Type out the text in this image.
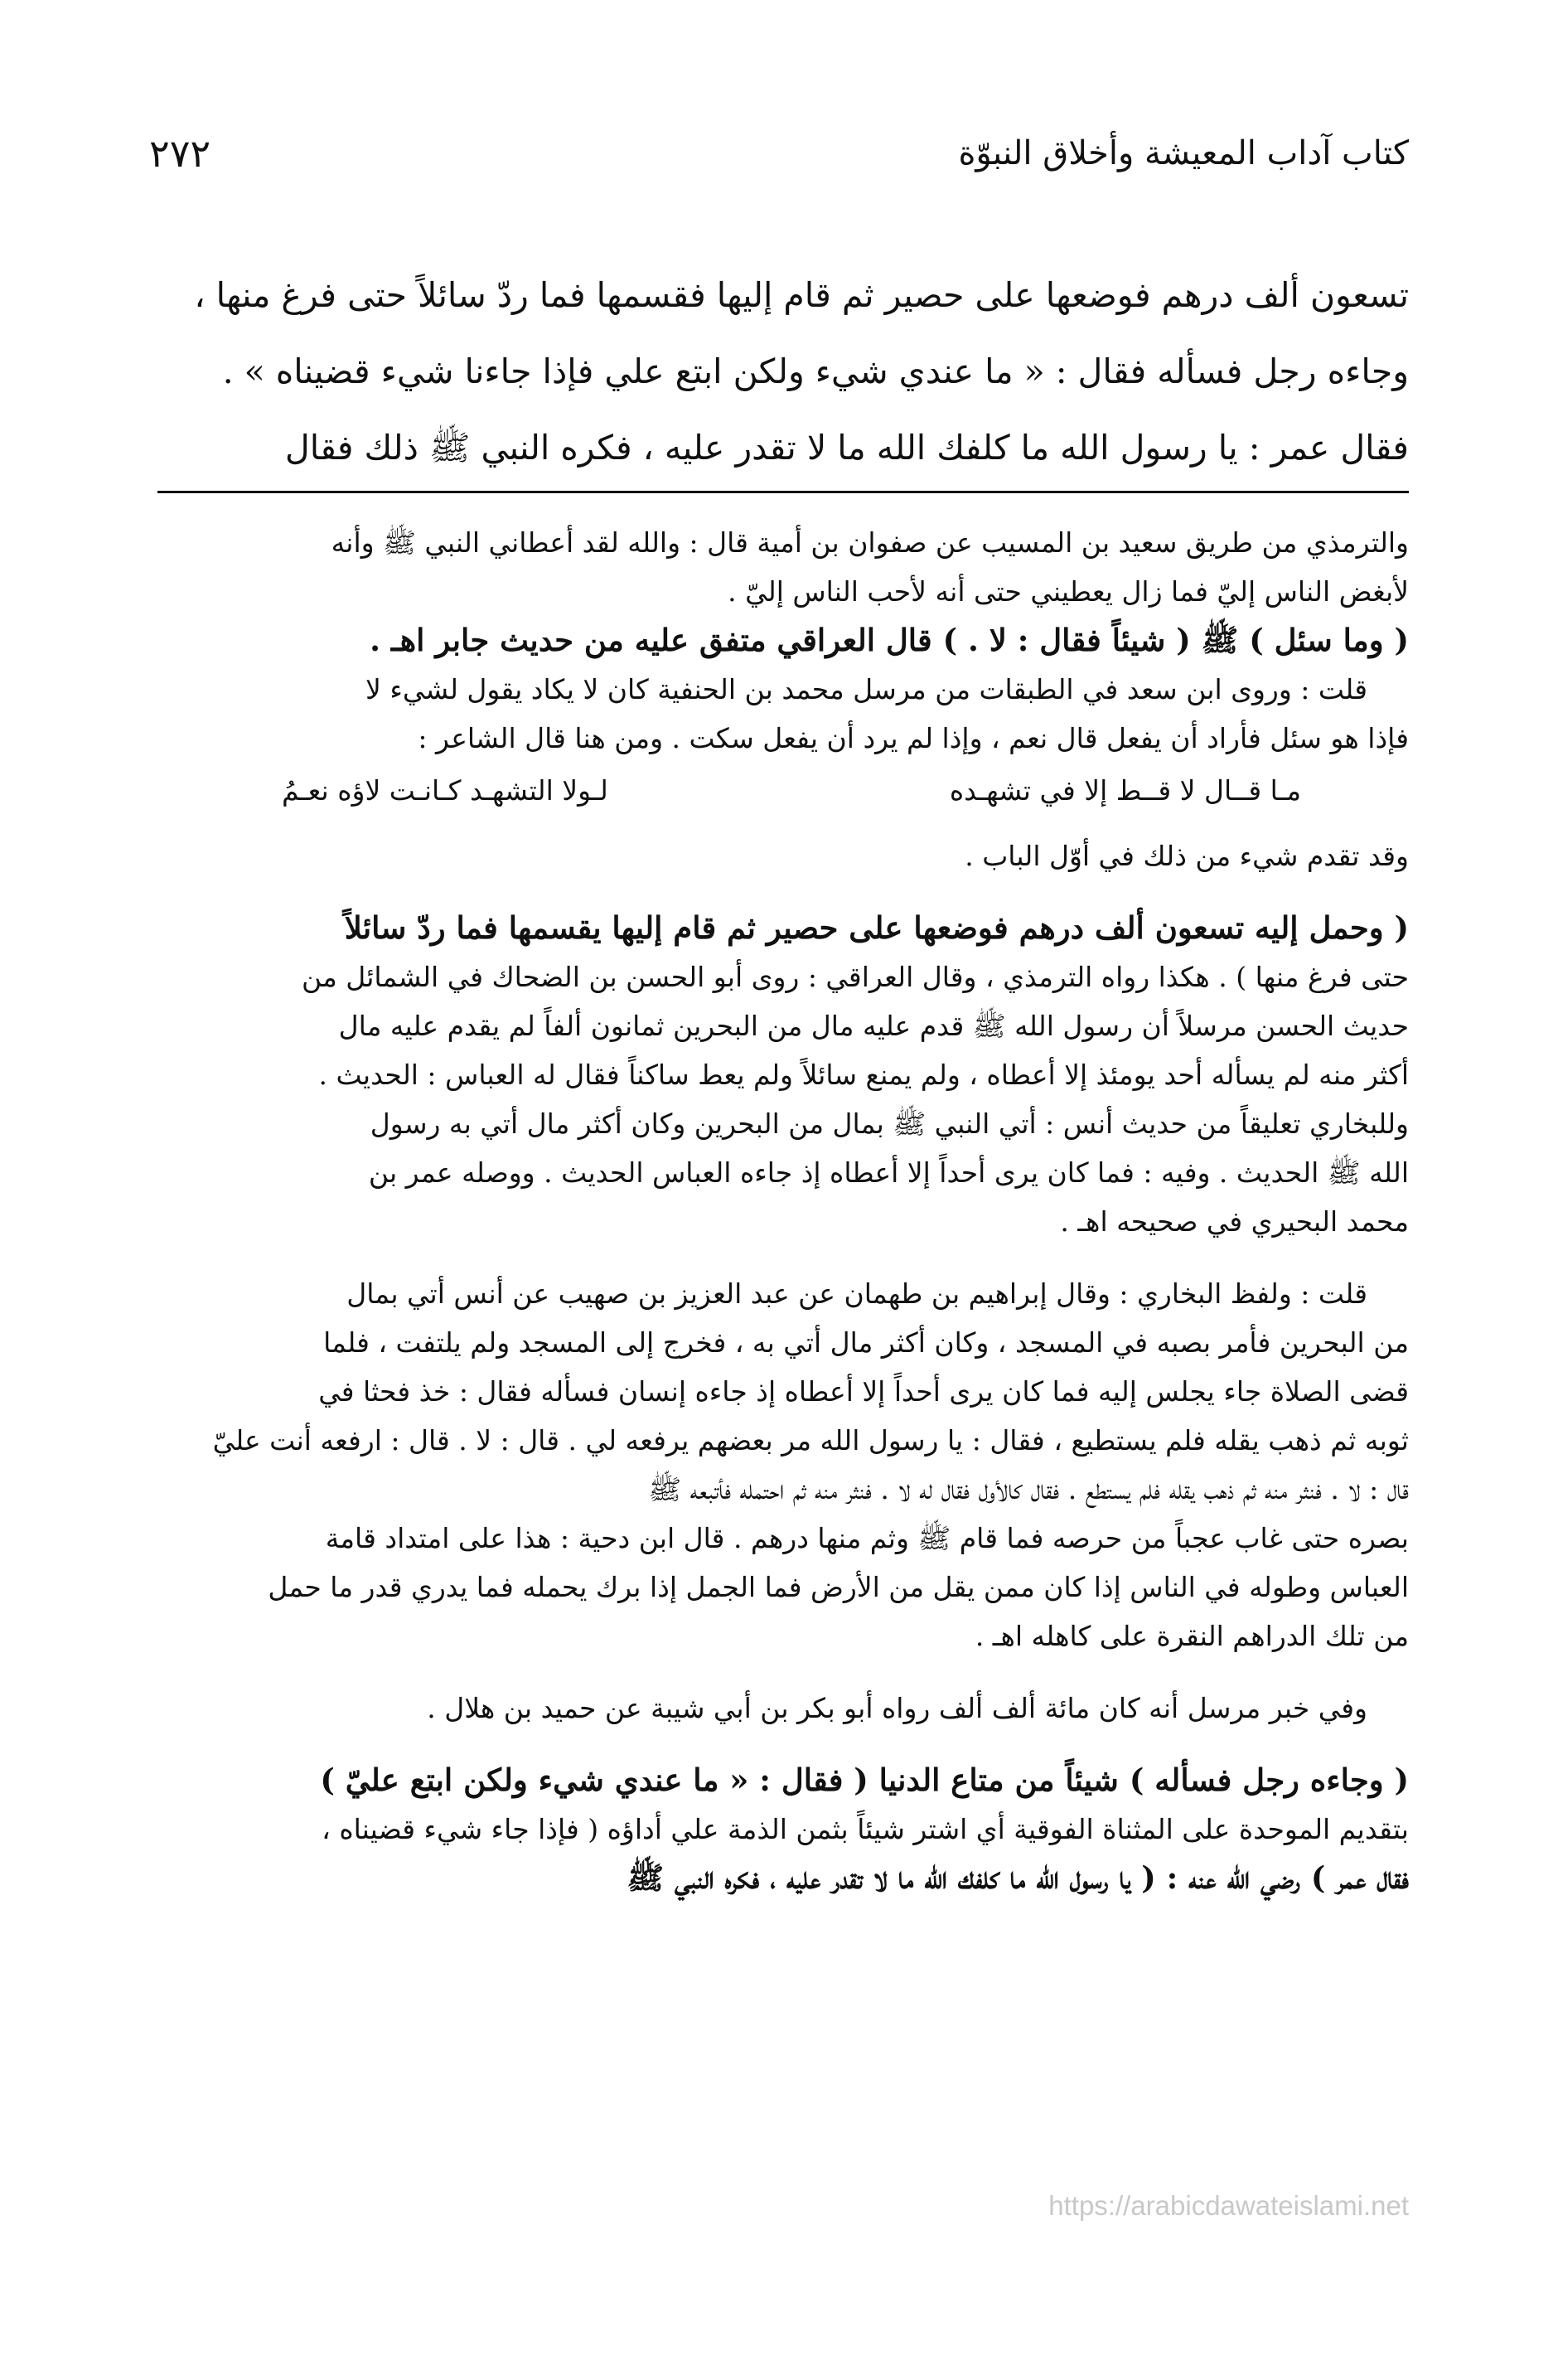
٢٧٢	كتاب آداب المعيشة وأخلاق النبوّة
تسعون ألف درهم فوضعها على حصير ثم قام إليها فقسمها فما ردّ سائلاً حتى فرغ منها ،
وجاءه رجل فسأله فقال : « ما عندي شيء ولكن ابتع علي فإذا جاءنا شيء قضيناه » .
فقال عمر : يا رسول الله ما كلفك الله ما لا تقدر عليه ، فكره النبي ﷺ ذلك فقال
والترمذي من طريق سعيد بن المسيب عن صفوان بن أمية قال : والله لقد أعطاني النبي ﷺ وأنه
لأبغض الناس إليّ فما زال يعطيني حتى أنه لأحب الناس إليّ .
( وما سئل ) ﷺ ( شيئاً فقال : لا . ) قال العراقي متفق عليه من حديث جابر اهـ .
قلت : وروى ابن سعد في الطبقات من مرسل محمد بن الحنفية كان لا يكاد يقول لشيء لا
فإذا هو سئل فأراد أن يفعل قال نعم ، وإذا لم يرد أن يفعل سكت . ومن هنا قال الشاعر :
مـا قــال لا قــط إلا في تشهـده
لـولا التشهـد كـانـت لاؤه نعـمُ
وقد تقدم شيء من ذلك في أوّل الباب .
( وحمل إليه تسعون ألف درهم فوضعها على حصير ثم قام إليها يقسمها فما ردّ سائلاً
حتى فرغ منها ) . هكذا رواه الترمذي ، وقال العراقي : روى أبو الحسن بن الضحاك في الشمائل من
حديث الحسن مرسلاً أن رسول الله ﷺ قدم عليه مال من البحرين ثمانون ألفاً لم يقدم عليه مال
أكثر منه لم يسأله أحد يومئذ إلا أعطاه ، ولم يمنع سائلاً ولم يعط ساكناً فقال له العباس : الحديث .
وللبخاري تعليقاً من حديث أنس : أتي النبي ﷺ بمال من البحرين وكان أكثر مال أتي به رسول
الله ﷺ الحديث . وفيه : فما كان يرى أحداً إلا أعطاه إذ جاءه العباس الحديث . ووصله عمر بن
محمد البحيري في صحيحه اهـ .
قلت : ولفظ البخاري : وقال إبراهيم بن طهمان عن عبد العزيز بن صهيب عن أنس أتي بمال
من البحرين فأمر بصبه في المسجد ، وكان أكثر مال أتي به ، فخرج إلى المسجد ولم يلتفت ، فلما
قضى الصلاة جاء يجلس إليه فما كان يرى أحداً إلا أعطاه إذ جاءه إنسان فسأله فقال : خذ فحثا في
ثوبه ثم ذهب يقله فلم يستطيع ، فقال : يا رسول الله مر بعضهم يرفعه لي . قال : لا . قال : ارفعه أنت عليّ
قال : لا . فنثر منه ثم ذهب يقله فلم يستطع . فقال كالأول فقال له لا . فنثر منه ثم احتمله فأتبعه ﷺ
بصره حتى غاب عجباً من حرصه فما قام ﷺ وثم منها درهم . قال ابن دحية : هذا على امتداد قامة
العباس وطوله في الناس إذا كان ممن يقل من الأرض فما الجمل إذا برك يحمله فما يدري قدر ما حمل
من تلك الدراهم النقرة على كاهله اهـ .
وفي خبر مرسل أنه كان مائة ألف ألف رواه أبو بكر بن أبي شيبة عن حميد بن هلال .
( وجاءه رجل فسأله ) شيئاً من متاع الدنيا ( فقال : « ما عندي شيء ولكن ابتع عليّ )
بتقديم الموحدة على المثناة الفوقية أي اشتر شيئاً بثمن الذمة علي أداؤه ( فإذا جاء شيء قضيناه ،
فقال عمر ) رضي الله عنه : ( يا رسول الله ما كلفك الله ما لا تقدر عليه ، فكره النبي ﷺ
https://arabicdawateislami.net
